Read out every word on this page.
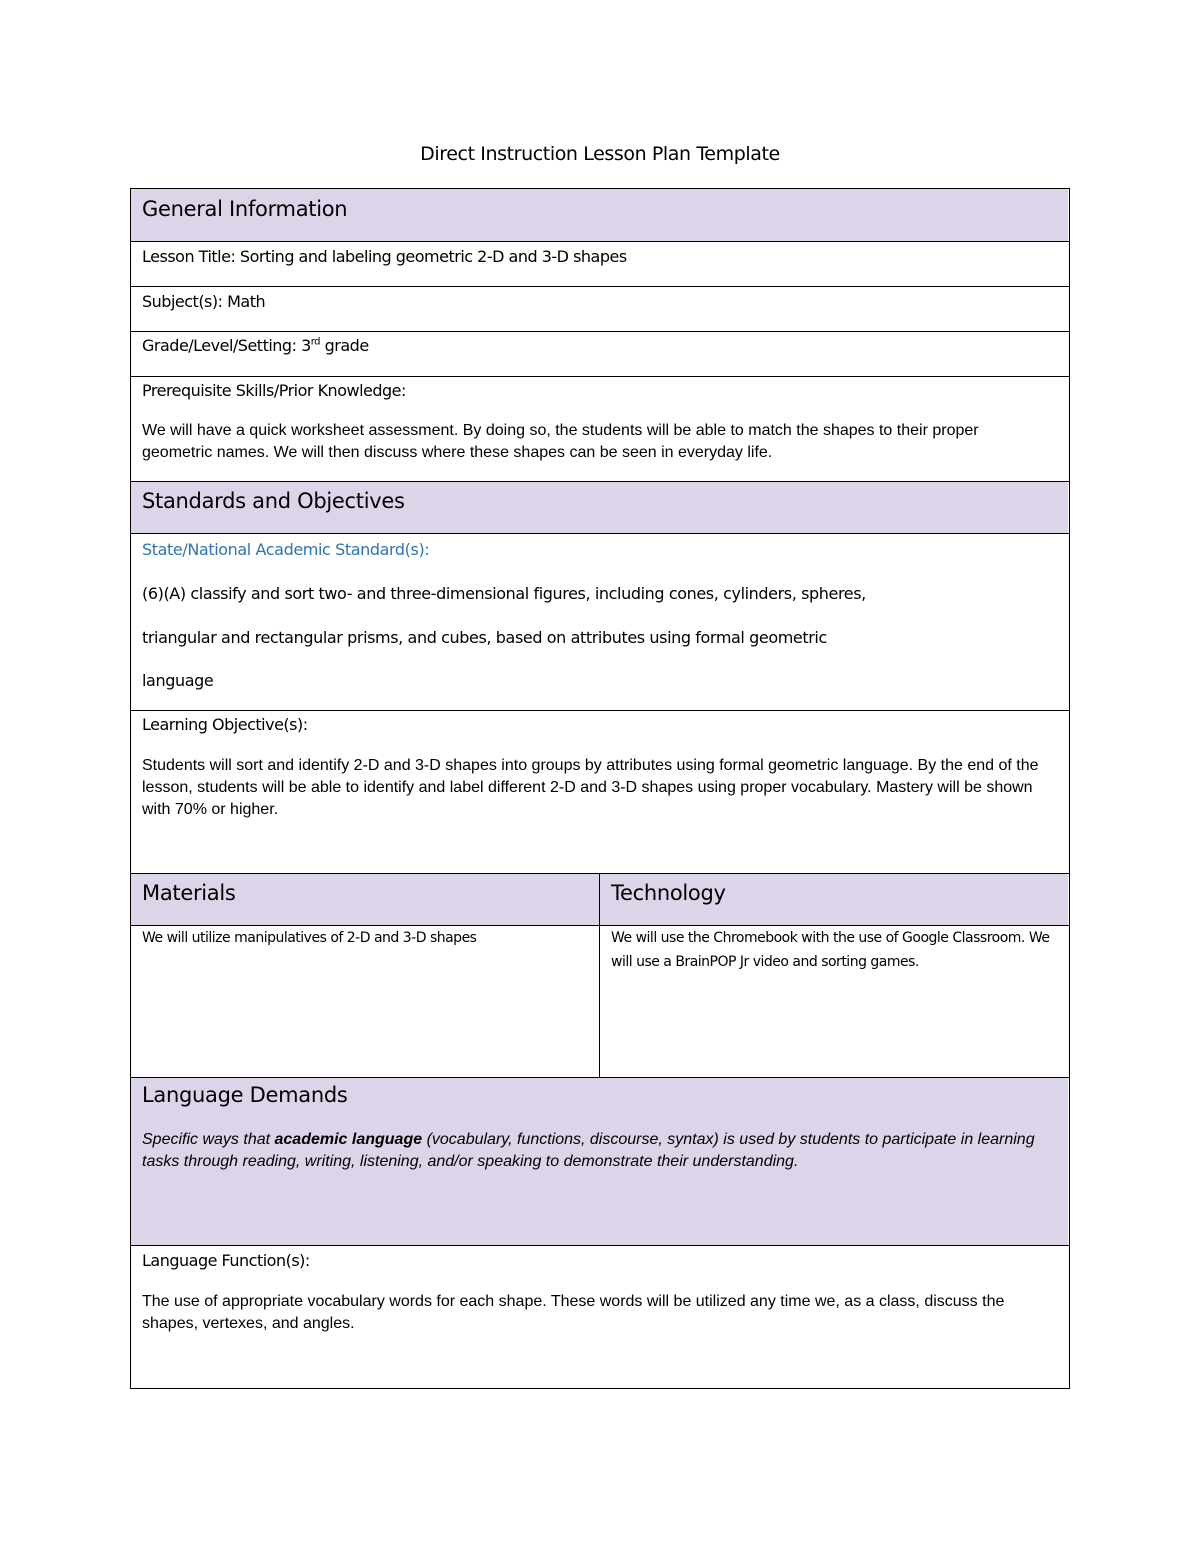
Direct Instruction Lesson Plan Template
General Information
Lesson Title: Sorting and labeling geometric 2-D and 3-D shapes
Subject(s): Math
Grade/Level/Setting: 3rd grade
Prerequisite Skills/Prior Knowledge:
We will have a quick worksheet assessment. By doing so, the students will be able to match the shapes to their proper geometric names. We will then discuss where these shapes can be seen in everyday life.
Standards and Objectives
State/National Academic Standard(s):
(6)(A) classify and sort two- and three-dimensional figures, including cones, cylinders, spheres,
triangular and rectangular prisms, and cubes, based on attributes using formal geometric
language
Learning Objective(s):
Students will sort and identify 2-D and 3-D shapes into groups by attributes using formal geometric language. By the end of the lesson, students will be able to identify and label different 2-D and 3-D shapes using proper vocabulary. Mastery will be shown with 70% or higher.
Materials	Technology
We will utilize manipulatives of 2-D and 3-D shapes	We will use the Chromebook with the use of Google Classroom. We will use a BrainPOP Jr video and sorting games.
Language Demands
Specific ways that academic language (vocabulary, functions, discourse, syntax) is used by students to participate in learning tasks through reading, writing, listening, and/or speaking to demonstrate their understanding.
Language Function(s):
The use of appropriate vocabulary words for each shape. These words will be utilized any time we, as a class, discuss the shapes, vertexes, and angles.
